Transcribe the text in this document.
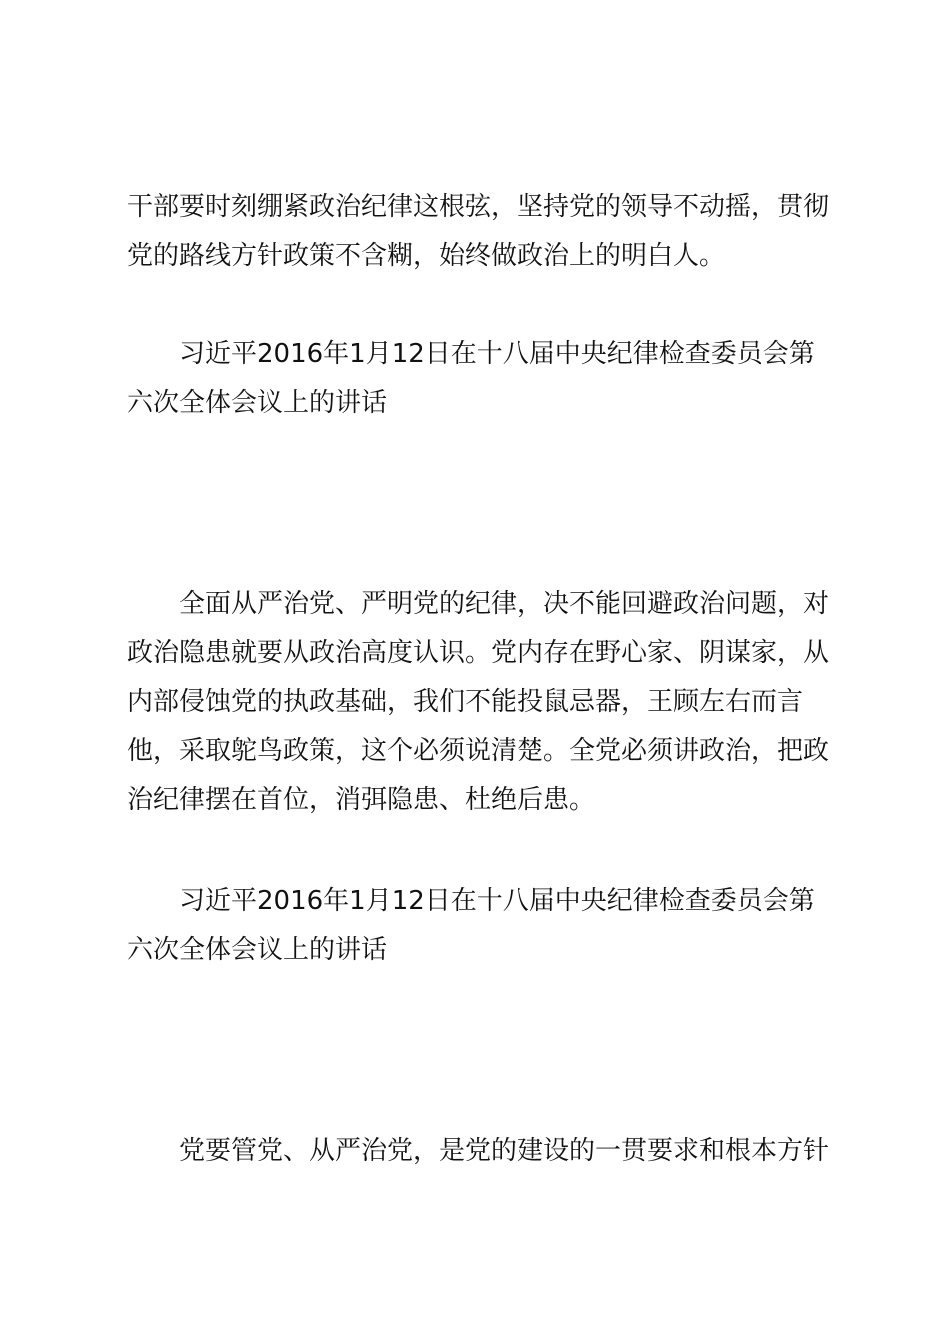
干部要时刻绷紧政治纪律这根弦，坚持党的领导不动摇，贯彻党的路线方针政策不含糊，始终做政治上的明白人。

习近平2016年1月12日在十八届中央纪律检查委员会第六次全体会议上的讲话

全面从严治党、严明党的纪律，决不能回避政治问题，对政治隐患就要从政治高度认识。党内存在野心家、阴谋家，从内部侵蚀党的执政基础，我们不能投鼠忌器，王顾左右而言他，采取鸵鸟政策，这个必须说清楚。全党必须讲政治，把政治纪律摆在首位，消弭隐患、杜绝后患。

习近平2016年1月12日在十八届中央纪律检查委员会第六次全体会议上的讲话

党要管党、从严治党，是党的建设的一贯要求和根本方针
